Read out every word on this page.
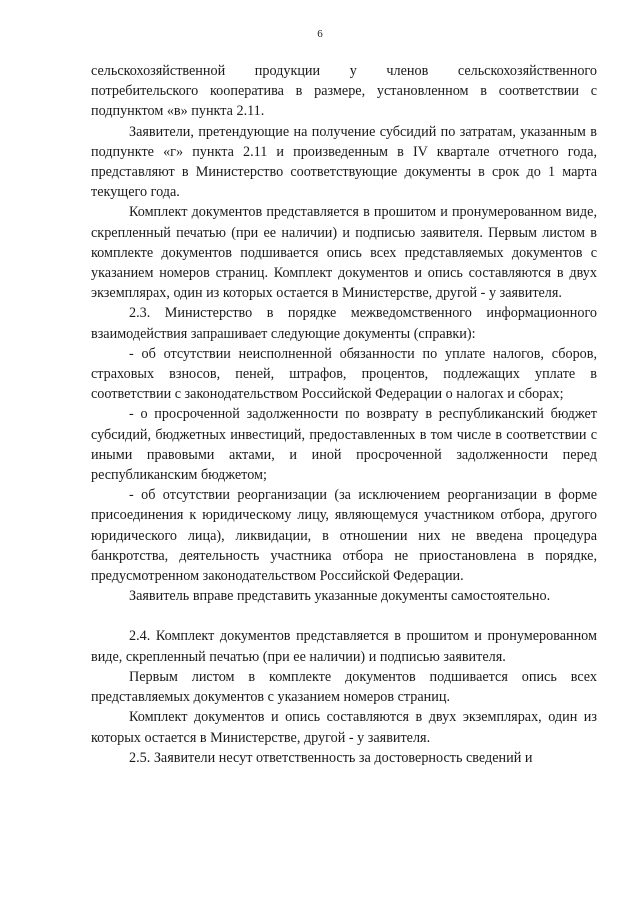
6

сельскохозяйственной продукции у членов сельскохозяйственного потребительского кооператива в размере, установленном в соответствии с подпунктом «в» пункта 2.11.

Заявители, претендующие на получение субсидий по затратам, указанным в подпункте «г» пункта 2.11 и произведенным в IV квартале отчетного года, представляют в Министерство соответствующие документы в срок до 1 марта текущего года.

Комплект документов представляется в прошитом и пронумерованном виде, скрепленный печатью (при ее наличии) и подписью заявителя. Первым листом в комплекте документов подшивается опись всех представляемых документов с указанием номеров страниц. Комплект документов и опись составляются в двух экземплярах, один из которых остается в Министерстве, другой - у заявителя.

2.3. Министерство в порядке межведомственного информационного взаимодействия запрашивает следующие документы (справки):

- об отсутствии неисполненной обязанности по уплате налогов, сборов, страховых взносов, пеней, штрафов, процентов, подлежащих уплате в соответствии с законодательством Российской Федерации о налогах и сборах;

- о просроченной задолженности по возврату в республиканский бюджет субсидий, бюджетных инвестиций, предоставленных в том числе в соответствии с иными правовыми актами, и иной просроченной задолженности перед республиканским бюджетом;

- об отсутствии реорганизации (за исключением реорганизации в форме присоединения к юридическому лицу, являющемуся участником отбора, другого юридического лица), ликвидации, в отношении них не введена процедура банкротства, деятельность участника отбора не приостановлена в порядке, предусмотренном законодательством Российской Федерации.

Заявитель вправе представить указанные документы самостоятельно.

2.4. Комплект документов представляется в прошитом и пронумерованном виде, скрепленный печатью (при ее наличии) и подписью заявителя.

Первым листом в комплекте документов подшивается опись всех представляемых документов с указанием номеров страниц.

Комплект документов и опись составляются в двух экземплярах, один из которых остается в Министерстве, другой - у заявителя.

2.5. Заявители несут ответственность за достоверность сведений и
